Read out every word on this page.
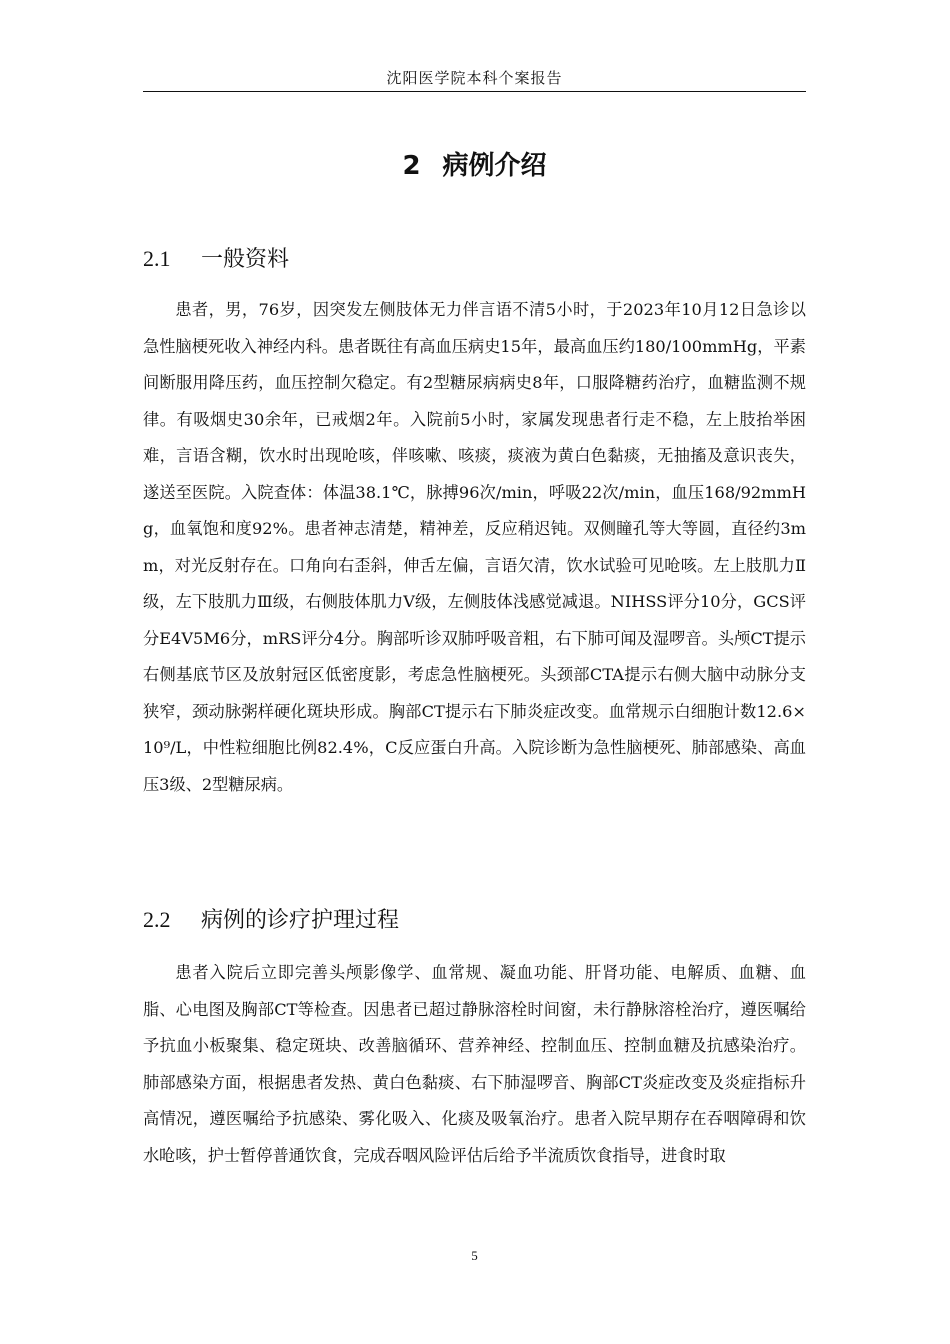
沈阳医学院本科个案报告
2 病例介绍
2.1 一般资料

患者，男，76岁，因突发左侧肢体无力伴言语不清5小时，于2023年10月12日急诊以急性脑梗死收入神经内科。患者既往有高血压病史15年，最高血压约180/100mmHg，平素间断服用降压药，血压控制欠稳定。有2型糖尿病病史8年，口服降糖药治疗，血糖监测不规律。有吸烟史30余年，已戒烟2年。入院前5小时，家属发现患者行走不稳，左上肢抬举困难，言语含糊，饮水时出现呛咳，伴咳嗽、咳痰，痰液为黄白色黏痰，无抽搐及意识丧失，遂送至医院。入院查体：体温38.1℃，脉搏96次/min，呼吸22次/min，血压168/92mmHg，血氧饱和度92%。患者神志清楚，精神差，反应稍迟钝。双侧瞳孔等大等圆，直径约3mm，对光反射存在。口角向右歪斜，伸舌左偏，言语欠清，饮水试验可见呛咳。左上肢肌力Ⅱ级，左下肢肌力Ⅲ级，右侧肢体肌力Ⅴ级，左侧肢体浅感觉减退。NIHSS评分10分，GCS评分E4V5M6分，mRS评分4分。胸部听诊双肺呼吸音粗，右下肺可闻及湿啰音。头颅CT提示右侧基底节区及放射冠区低密度影，考虑急性脑梗死。头颈部CTA提示右侧大脑中动脉分支狭窄，颈动脉粥样硬化斑块形成。胸部CT提示右下肺炎症改变。血常规示白细胞计数12.6×10⁹/L，中性粒细胞比例82.4%，C反应蛋白升高。入院诊断为急性脑梗死、肺部感染、高血压3级、2型糖尿病。

2.2 病例的诊疗护理过程

患者入院后立即完善头颅影像学、血常规、凝血功能、肝肾功能、电解质、血糖、血脂、心电图及胸部CT等检查。因患者已超过静脉溶栓时间窗，未行静脉溶栓治疗，遵医嘱给予抗血小板聚集、稳定斑块、改善脑循环、营养神经、控制血压、控制血糖及抗感染治疗。肺部感染方面，根据患者发热、黄白色黏痰、右下肺湿啰音、胸部CT炎症改变及炎症指标升高情况，遵医嘱给予抗感染、雾化吸入、化痰及吸氧治疗。患者入院早期存在吞咽障碍和饮水呛咳，护士暂停普通饮食，完成吞咽风险评估后给予半流质饮食指导，进食时取

5
